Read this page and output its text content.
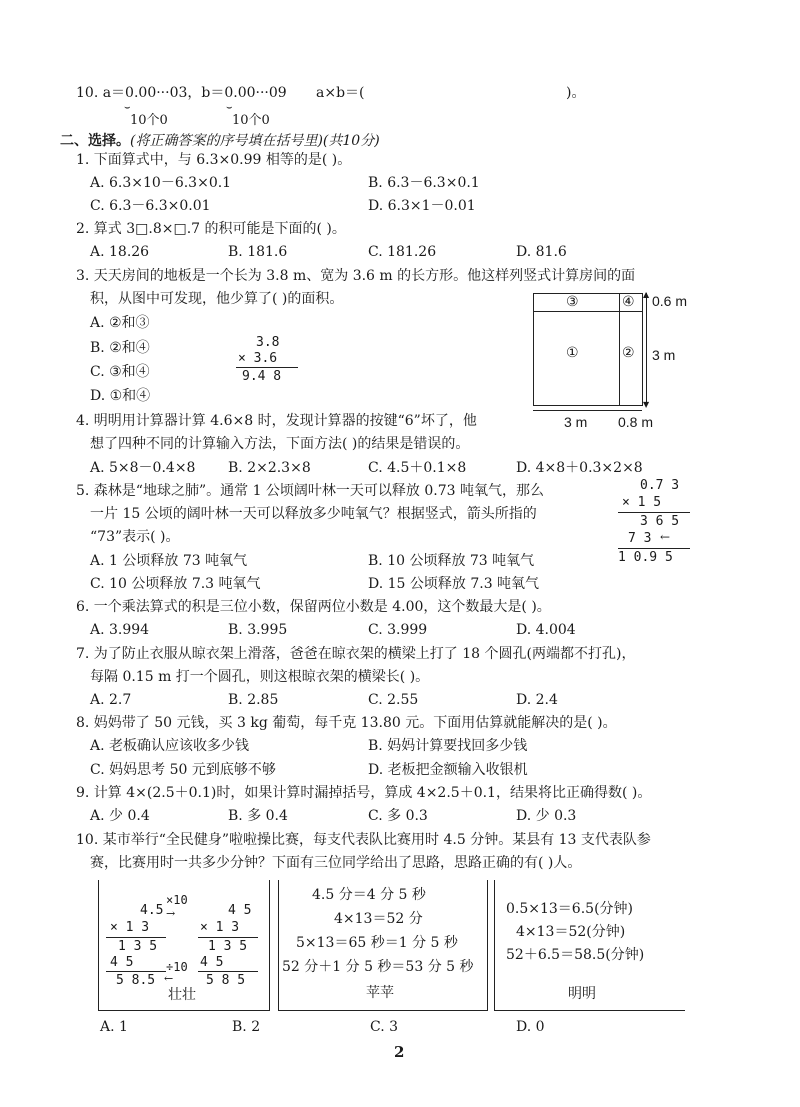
10. a＝0.00···03，b＝0.00···09 a×b＝(	)。
⌣	⌣
10个0	10个0
二、选择。(将正确答案的序号填在括号里)(共10分)
1. 下面算式中，与 6.3×0.99 相等的是( )。
A. 6.3×10－6.3×0.1	B. 6.3－6.3×0.1
C. 6.3－6.3×0.01	D. 6.3×1－0.01
2. 算式 3□.8×□.7 的积可能是下面的( )。
A. 18.26	B. 181.6	C. 181.26	D. 81.6
3. 天天房间的地板是一个长为 3.8 m、宽为 3.6 m 的长方形。他这样列竖式计算房间的面
积，从图中可发现，他少算了( )的面积。
A. ②和③
B. ②和④
C. ③和④
D. ①和④
3.8
× 3.6
9.4 8
③	④
①	②
▲
▼
0.6 m
3 m
3 m 0.8 m
4. 明明用计算器计算 4.6×8 时，发现计算器的按键“6”坏了，他
想了四种不同的计算输入方法，下面方法( )的结果是错误的。
A. 5×8－0.4×8 B. 2×2.3×8	C. 4.5＋0.1×8	D. 4×8＋0.3×2×8
5. 森林是“地球之肺”。通常 1 公顷阔叶林一天可以释放 0.73 吨氧气，那么
一片 15 公顷的阔叶林一天可以释放多少吨氧气？根据竖式，箭头所指的
“73”表示( )。
A. 1 公顷释放 73 吨氧气	B. 10 公顷释放 73 吨氧气
C. 10 公顷释放 7.3 吨氧气	D. 15 公顷释放 7.3 吨氧气
0.7 3
× 1 5
3 6 5
7 3 ←
1 0.9 5
6. 一个乘法算式的积是三位小数，保留两位小数是 4.00，这个数最大是( )。
A. 3.994	B. 3.995	C. 3.999	D. 4.004
7. 为了防止衣服从晾衣架上滑落，爸爸在晾衣架的横梁上打了 18 个圆孔(两端都不打孔)，
每隔 0.15 m 打一个圆孔，则这根晾衣架的横梁长( )。
A. 2.7	B. 2.85	C. 2.55	D. 2.4
8. 妈妈带了 50 元钱，买 3 kg 葡萄，每千克 13.80 元。下面用估算就能解决的是( )。
A. 老板确认应该收多少钱	B. 妈妈计算要找回多少钱
C. 妈妈思考 50 元到底够不够	D. 老板把金额输入收银机
9. 计算 4×(2.5＋0.1)时，如果计算时漏掉括号，算成 4×2.5＋0.1，结果将比正确得数( )。
A. 少 0.4	B. 多 0.4	C. 多 0.3	D. 少 0.3
10. 某市举行“全民健身”啦啦操比赛，每支代表队比赛用时 4.5 分钟。某县有 13 支代表队参
赛，比赛用时一共多少分钟？下面有三位同学给出了思路，思路正确的有( )人。
4.5
×10
→
× 1 3
1 3 5
4 5
5 8.5
4 5
× 1 3
1 3 5
4 5
5 8 5
÷10
←
壮壮
4.5 分＝4 分 5 秒
4×13＝52 分
5×13＝65 秒＝1 分 5 秒
52 分＋1 分 5 秒＝53 分 5 秒
苹苹
0.5×13＝6.5(分钟)
4×13＝52(分钟)
52＋6.5＝58.5(分钟)
明明
A. 1	B. 2	C. 3	D. 0
2
